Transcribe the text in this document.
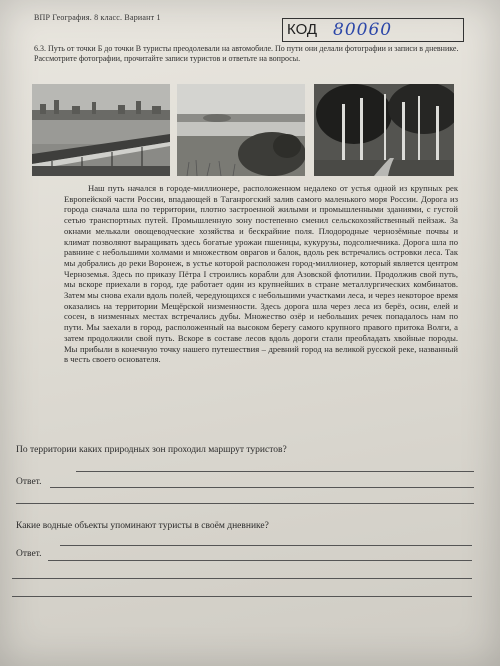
ВПР География. 8 класс. Вариант 1
КОД 80060
6.3. Путь от точки Б до точки В туристы преодолевали на автомобиле. По пути они делали фотографии и записи в дневнике. Рассмотрите фотографии, прочитайте записи туристов и ответьте на вопросы.

Наш путь начался в городе-миллионере, расположенном недалеко от устья одной из крупных рек Европейской части России, впадающей в Таганрогский залив самого маленького моря России. Дорога из города сначала шла по территории, плотно застроенной жилыми и промышленными зданиями, с густой сетью транспортных путей. Промышленную зону постепенно сменил сельскохозяйственный пейзаж. За окнами мелькали овощеводческие хозяйства и бескрайние поля. Плодородные чернозёмные почвы и климат позволяют выращивать здесь богатые урожаи пшеницы, кукурузы, подсолнечника. Дорога шла по равнине с небольшими холмами и множеством оврагов и балок, вдоль рек встречались островки леса. Так мы добрались до реки Воронеж, в устье которой расположен город-миллионер, который является центром Черноземья. Здесь по приказу Пётра I строились корабли для Азовской флотилии. Продолжив свой путь, мы вскоре приехали в город, где работает один из крупнейших в стране металлургических комбинатов. Затем мы снова ехали вдоль полей, чередующихся с небольшими участками леса, и через некоторое время оказались на территории Мещёрской низменности. Здесь дорога шла через леса из берёз, осин, елей и сосен, в низменных местах встречались дубы. Множество озёр и небольших речек попадалось нам по пути. Мы заехали в город, расположенный на высоком берегу самого крупного правого притока Волги, а затем продолжили свой путь. Вскоре в составе лесов вдоль дороги стали преобладать хвойные породы. Мы прибыли в конечную точку нашего путешествия – древний город на великой русской реке, названный в честь своего основателя.

По территории каких природных зон проходил маршрут туристов?
Ответ.
Какие водные объекты упоминают туристы в своём дневнике?
Ответ.
